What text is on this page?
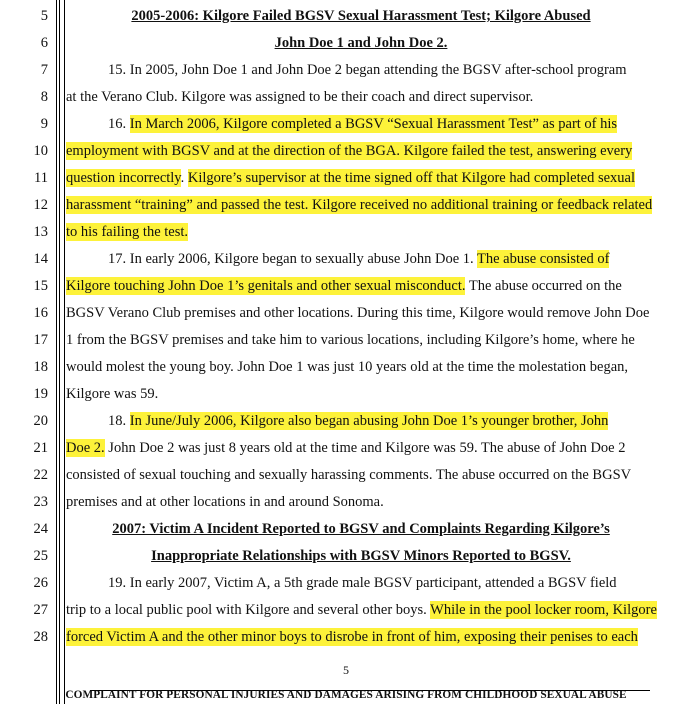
5
6
7
8
9
10
11
12
13
14
15
16
17
18
19
20
21
22
23
24
25
26
27
28
2005-2006: Kilgore Failed BGSV Sexual Harassment Test; Kilgore Abused
John Doe 1 and John Doe 2.
15. In 2005, John Doe 1 and John Doe 2 began attending the BGSV after-school program
at the Verano Club. Kilgore was assigned to be their coach and direct supervisor.
16. In March 2006, Kilgore completed a BGSV “Sexual Harassment Test” as part of his
employment with BGSV and at the direction of the BGA. Kilgore failed the test, answering every
question incorrectly. Kilgore’s supervisor at the time signed off that Kilgore had completed sexual
harassment “training” and passed the test. Kilgore received no additional training or feedback related
to his failing the test.
17. In early 2006, Kilgore began to sexually abuse John Doe 1. The abuse consisted of
Kilgore touching John Doe 1’s genitals and other sexual misconduct. The abuse occurred on the
BGSV Verano Club premises and other locations. During this time, Kilgore would remove John Doe
1 from the BGSV premises and take him to various locations, including Kilgore’s home, where he
would molest the young boy. John Doe 1 was just 10 years old at the time the molestation began,
Kilgore was 59.
18. In June/July 2006, Kilgore also began abusing John Doe 1’s younger brother, John
Doe 2. John Doe 2 was just 8 years old at the time and Kilgore was 59. The abuse of John Doe 2
consisted of sexual touching and sexually harassing comments. The abuse occurred on the BGSV
premises and at other locations in and around Sonoma.
2007: Victim A Incident Reported to BGSV and Complaints Regarding Kilgore’s
Inappropriate Relationships with BGSV Minors Reported to BGSV.
19. In early 2007, Victim A, a 5th grade male BGSV participant, attended a BGSV field
trip to a local public pool with Kilgore and several other boys. While in the pool locker room, Kilgore
forced Victim A and the other minor boys to disrobe in front of him, exposing their penises to each
5
COMPLAINT FOR PERSONAL INJURIES AND DAMAGES ARISING FROM CHILDHOOD SEXUAL ABUSE
